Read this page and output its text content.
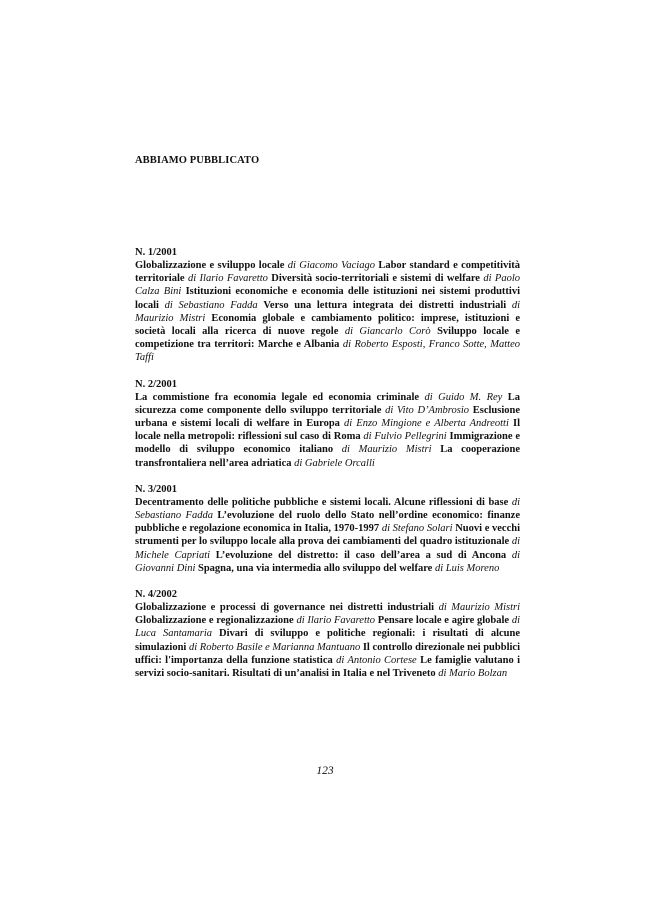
ABBIAMO PUBBLICATO
N. 1/2001
Globalizzazione e sviluppo locale di Giacomo Vaciago Labor standard e competitività territoriale di Ilario Favaretto Diversità socio-territoriali e sistemi di welfare di Paolo Calza Bini Istituzioni economiche e economia delle istituzioni nei sistemi produttivi locali di Sebastiano Fadda Verso una lettura integrata dei distretti industriali di Maurizio Mistri Economia globale e cambiamento politico: imprese, istituzioni e società locali alla ricerca di nuove regole di Giancarlo Corò Sviluppo locale e competizione tra territori: Marche e Albania di Roberto Esposti, Franco Sotte, Matteo Taffi
N. 2/2001
La commistione fra economia legale ed economia criminale di Guido M. Rey La sicurezza come componente dello sviluppo territoriale di Vito D’Ambrosio Esclusione urbana e sistemi locali di welfare in Europa di Enzo Mingione e Alberta Andreotti Il locale nella metropoli: riflessioni sul caso di Roma di Fulvio Pellegrini Immigrazione e modello di sviluppo economico italiano di Maurizio Mistri La cooperazione transfrontaliera nell’area adriatica di Gabriele Orcalli
N. 3/2001
Decentramento delle politiche pubbliche e sistemi locali. Alcune riflessioni di base di Sebastiano Fadda L’evoluzione del ruolo dello Stato nell’ordine economico: finanze pubbliche e regolazione economica in Italia, 1970-1997 di Stefano Solari Nuovi e vecchi strumenti per lo sviluppo locale alla prova dei cambiamenti del quadro istituzionale di Michele Capriati L’evoluzione del distretto: il caso dell’area a sud di Ancona di Giovanni Dini Spagna, una via intermedia allo sviluppo del welfare di Luis Moreno
N. 4/2002
Globalizzazione e processi di governance nei distretti industriali di Maurizio Mistri Globalizzazione e regionalizzazione di Ilario Favaretto Pensare locale e agire globale di Luca Santamaria Divari di sviluppo e politiche regionali: i risultati di alcune simulazioni di Roberto Basile e Marianna Mantuano Il controllo direzionale nei pubblici uffici: l'importanza della funzione statistica di Antonio Cortese Le famiglie valutano i servizi socio-sanitari. Risultati di un’analisi in Italia e nel Triveneto di Mario Bolzan
123
